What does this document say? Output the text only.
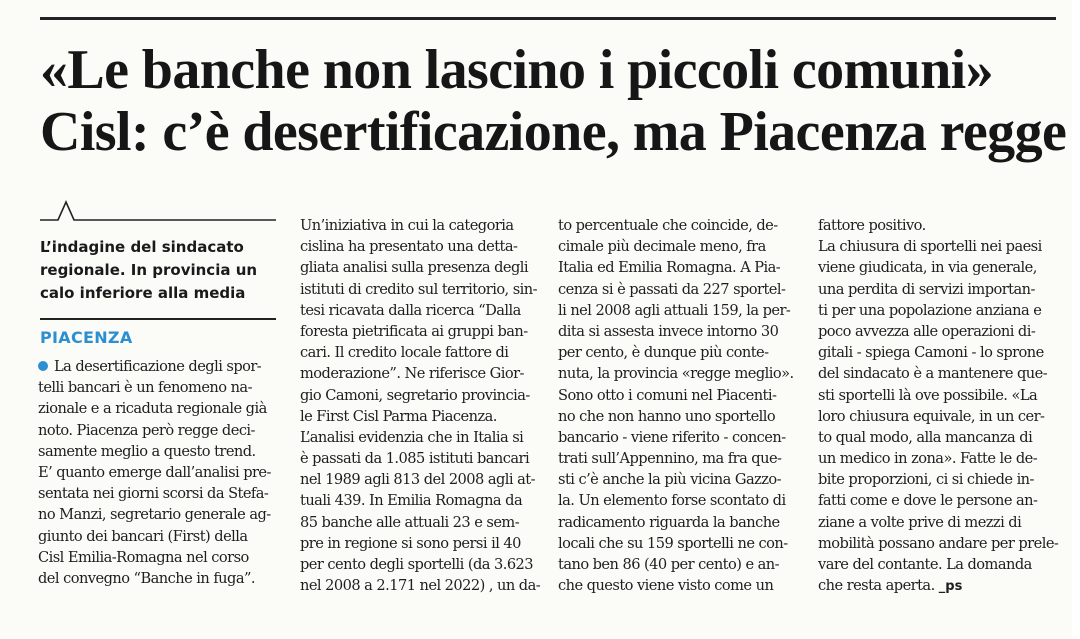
«Le banche non lascino i piccoli comuni»
Cisl: c’è desertificazione, ma Piacenza regge
L’indagine del sindacato
regionale. In provincia un
calo inferiore alla media
PIACENZA
La desertificazione degli spor-
telli bancari è un fenomeno na-
zionale e a ricaduta regionale già
noto. Piacenza però regge deci-
samente meglio a questo trend.
E’ quanto emerge dall’analisi pre-
sentata nei giorni scorsi da Stefa-
no Manzi, segretario generale ag-
giunto dei bancari (First) della
Cisl Emilia-Romagna nel corso
del convegno “Banche in fuga”.
Un’iniziativa in cui la categoria
cislina ha presentato una detta-
gliata analisi sulla presenza degli
istituti di credito sul territorio, sin-
tesi ricavata dalla ricerca “Dalla
foresta pietrificata ai gruppi ban-
cari. Il credito locale fattore di
moderazione”. Ne riferisce Gior-
gio Camoni, segretario provincia-
le First Cisl Parma Piacenza.
L’analisi evidenzia che in Italia si
è passati da 1.085 istituti bancari
nel 1989 agli 813 del 2008 agli at-
tuali 439. In Emilia Romagna da
85 banche alle attuali 23 e sem-
pre in regione si sono persi il 40
per cento degli sportelli (da 3.623
nel 2008 a 2.171 nel 2022) , un da-
to percentuale che coincide, de-
cimale più decimale meno, fra
Italia ed Emilia Romagna. A Pia-
cenza si è passati da 227 sportel-
li nel 2008 agli attuali 159, la per-
dita si assesta invece intorno 30
per cento, è dunque più conte-
nuta, la provincia «regge meglio».
Sono otto i comuni nel Piacenti-
no che non hanno uno sportello
bancario - viene riferito - concen-
trati sull’Appennino, ma fra que-
sti c’è anche la più vicina Gazzo-
la. Un elemento forse scontato di
radicamento riguarda la banche
locali che su 159 sportelli ne con-
tano ben 86 (40 per cento) e an-
che questo viene visto come un
fattore positivo.
La chiusura di sportelli nei paesi
viene giudicata, in via generale,
una perdita di servizi importan-
ti per una popolazione anziana e
poco avvezza alle operazioni di-
gitali - spiega Camoni - lo sprone
del sindacato è a mantenere que-
sti sportelli là ove possibile. «La
loro chiusura equivale, in un cer-
to qual modo, alla mancanza di
un medico in zona». Fatte le de-
bite proporzioni, ci si chiede in-
fatti come e dove le persone an-
ziane a volte prive di mezzi di
mobilità possano andare per prele-
vare del contante. La domanda
che resta aperta. _ps
